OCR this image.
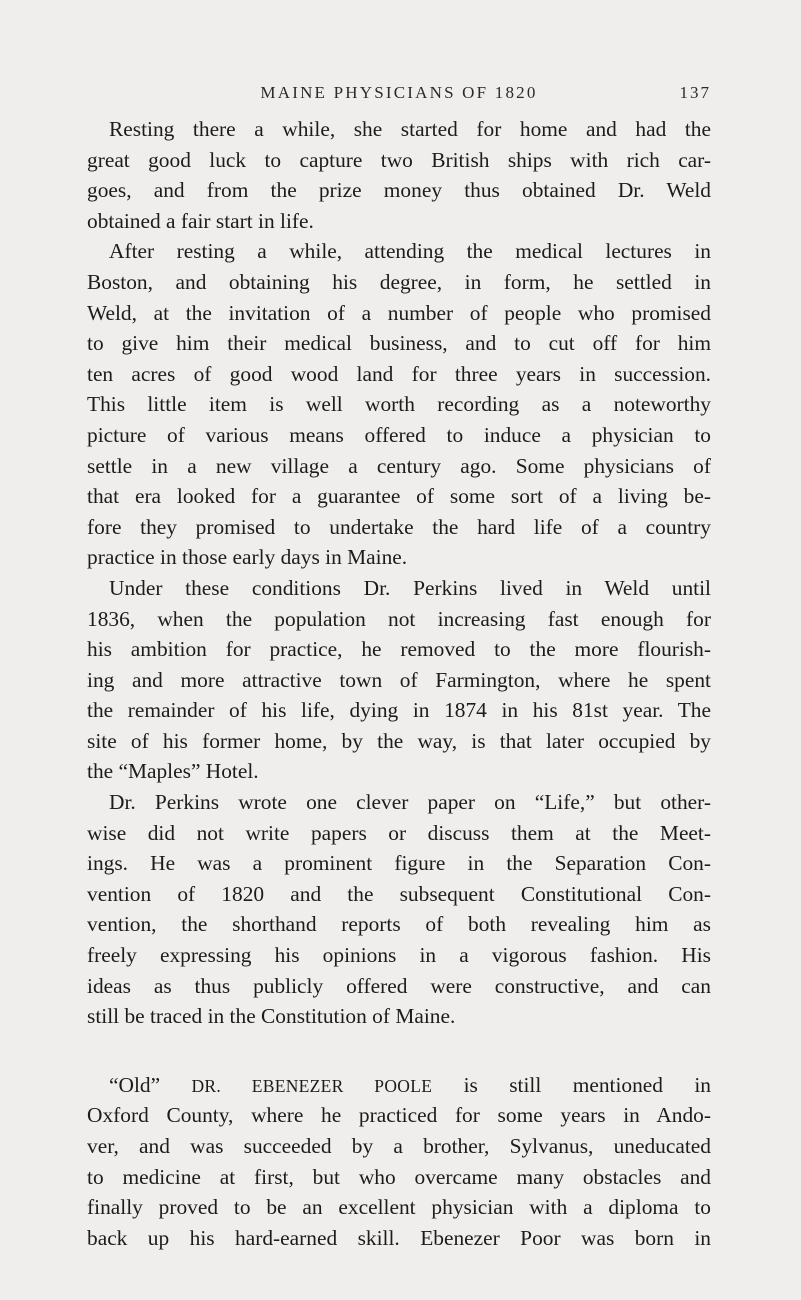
MAINE PHYSICIANS OF 1820	137
Resting there a while, she started for home and had the
great good luck to capture two British ships with rich car-
goes, and from the prize money thus obtained Dr. Weld
obtained a fair start in life.
After resting a while, attending the medical lectures in
Boston, and obtaining his degree, in form, he settled in
Weld, at the invitation of a number of people who promised
to give him their medical business, and to cut off for him
ten acres of good wood land for three years in succession.
This little item is well worth recording as a noteworthy
picture of various means offered to induce a physician to
settle in a new village a century ago. Some physicians of
that era looked for a guarantee of some sort of a living be-
fore they promised to undertake the hard life of a country
practice in those early days in Maine.
Under these conditions Dr. Perkins lived in Weld until
1836, when the population not increasing fast enough for
his ambition for practice, he removed to the more flourish-
ing and more attractive town of Farmington, where he spent
the remainder of his life, dying in 1874 in his 81st year. The
site of his former home, by the way, is that later occupied by
the “Maples” Hotel.
Dr. Perkins wrote one clever paper on “Life,” but other-
wise did not write papers or discuss them at the Meet-
ings. He was a prominent figure in the Separation Con-
vention of 1820 and the subsequent Constitutional Con-
vention, the shorthand reports of both revealing him as
freely expressing his opinions in a vigorous fashion. His
ideas as thus publicly offered were constructive, and can
still be traced in the Constitution of Maine.
“Old” DR. EBENEZER POOLE is still mentioned in
Oxford County, where he practiced for some years in Ando-
ver, and was succeeded by a brother, Sylvanus, uneducated
to medicine at first, but who overcame many obstacles and
finally proved to be an excellent physician with a diploma to
back up his hard-earned skill. Ebenezer Poor was born in
